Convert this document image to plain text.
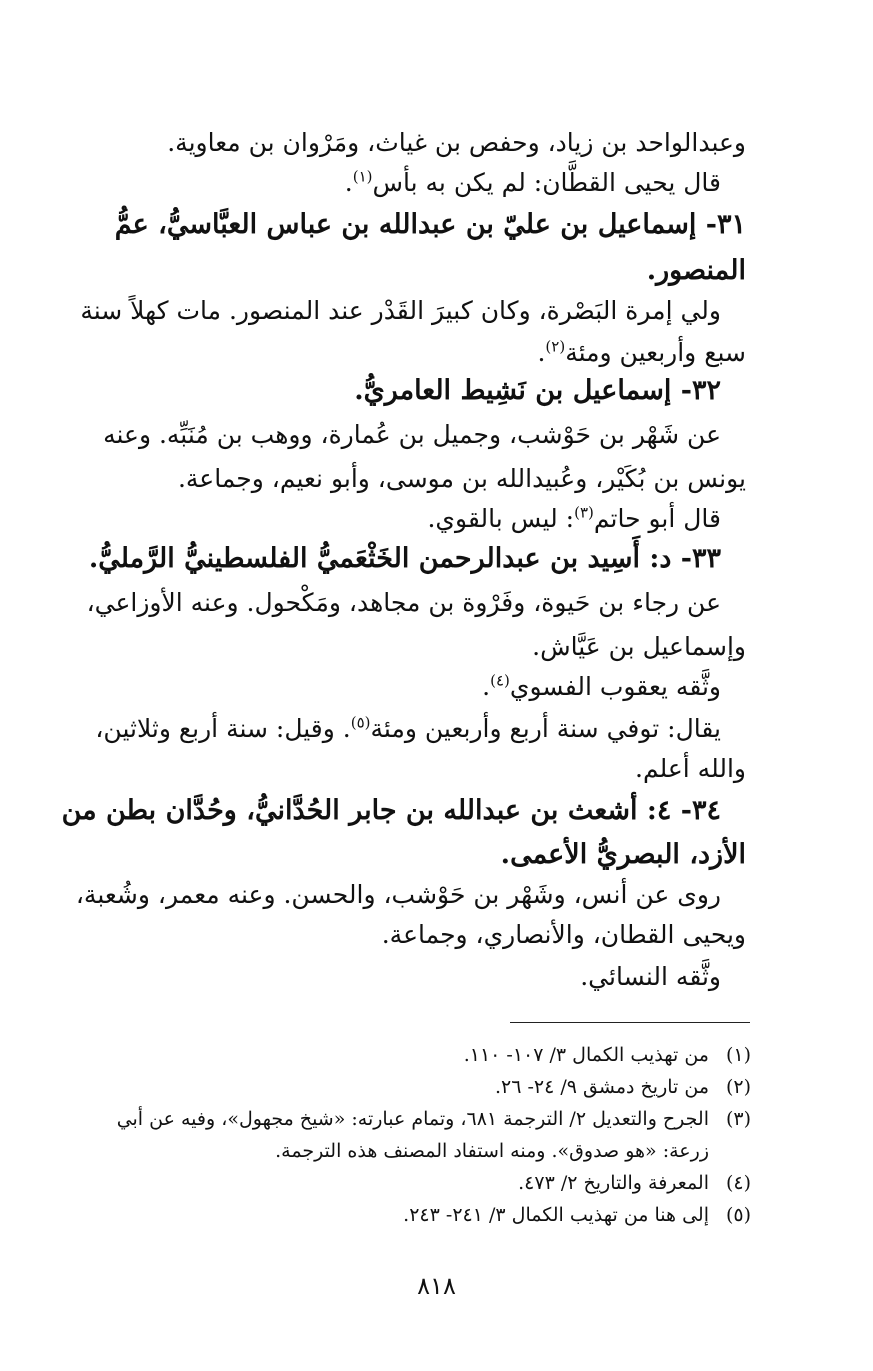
وعبدالواحد بن زياد، وحفص بن غياث، ومَرْوان بن معاوية.
قال يحيى القطَّان: لم يكن به بأس$^{(١)}$.
٣١- إسماعيل بن عليّ بن عبدالله بن عباس العبَّاسيُّ، عمُّ
المنصور.
ولي إمرة البَصْرة، وكان كبيرَ القَدْر عند المنصور. مات كهلاً سنة
سبع وأربعين ومئة$^{(٢)}$.
٣٢- إسماعيل بن نَشِيط العامريُّ.
عن شَهْر بن حَوْشب، وجميل بن عُمارة، ووهب بن مُنَبِّه. وعنه
يونس بن بُكَيْر، وعُبيدالله بن موسى، وأبو نعيم، وجماعة.
قال أبو حاتم$^{(٣)}$: ليس بالقوي.
٣٣- د: أَسِيد بن عبدالرحمن الخَثْعَميُّ الفلسطينيُّ الرَّمليُّ.
عن رجاء بن حَيوة، وفَرْوة بن مجاهد، ومَكْحول. وعنه الأوزاعي،
وإسماعيل بن عَيَّاش.
وثَّقه يعقوب الفسوي$^{(٤)}$.
يقال: توفي سنة أربع وأربعين ومئة$^{(٥)}$. وقيل: سنة أربع وثلاثين،
والله أعلم.
٣٤- ٤: أشعث بن عبدالله بن جابر الحُدَّانيُّ، وحُدَّان بطن من
الأزد، البصريُّ الأعمى.
روى عن أنس، وشَهْر بن حَوْشب، والحسن. وعنه معمر، وشُعبة،
ويحيى القطان، والأنصاري، وجماعة.
وثَّقه النسائي.
(١)
من تهذيب الكمال ٣/ ١٠٧- ١١٠.
(٢)
من تاريخ دمشق ٩/ ٢٤- ٢٦.
(٣)
الجرح والتعديل ٢/ الترجمة ٦٨١، وتمام عبارته: «شيخ مجهول»، وفيه عن أبي
زرعة: «هو صدوق». ومنه استفاد المصنف هذه الترجمة.
(٤)
المعرفة والتاريخ ٢/ ٤٧٣.
(٥)
إلى هنا من تهذيب الكمال ٣/ ٢٤١- ٢٤٣.
٨١٨
